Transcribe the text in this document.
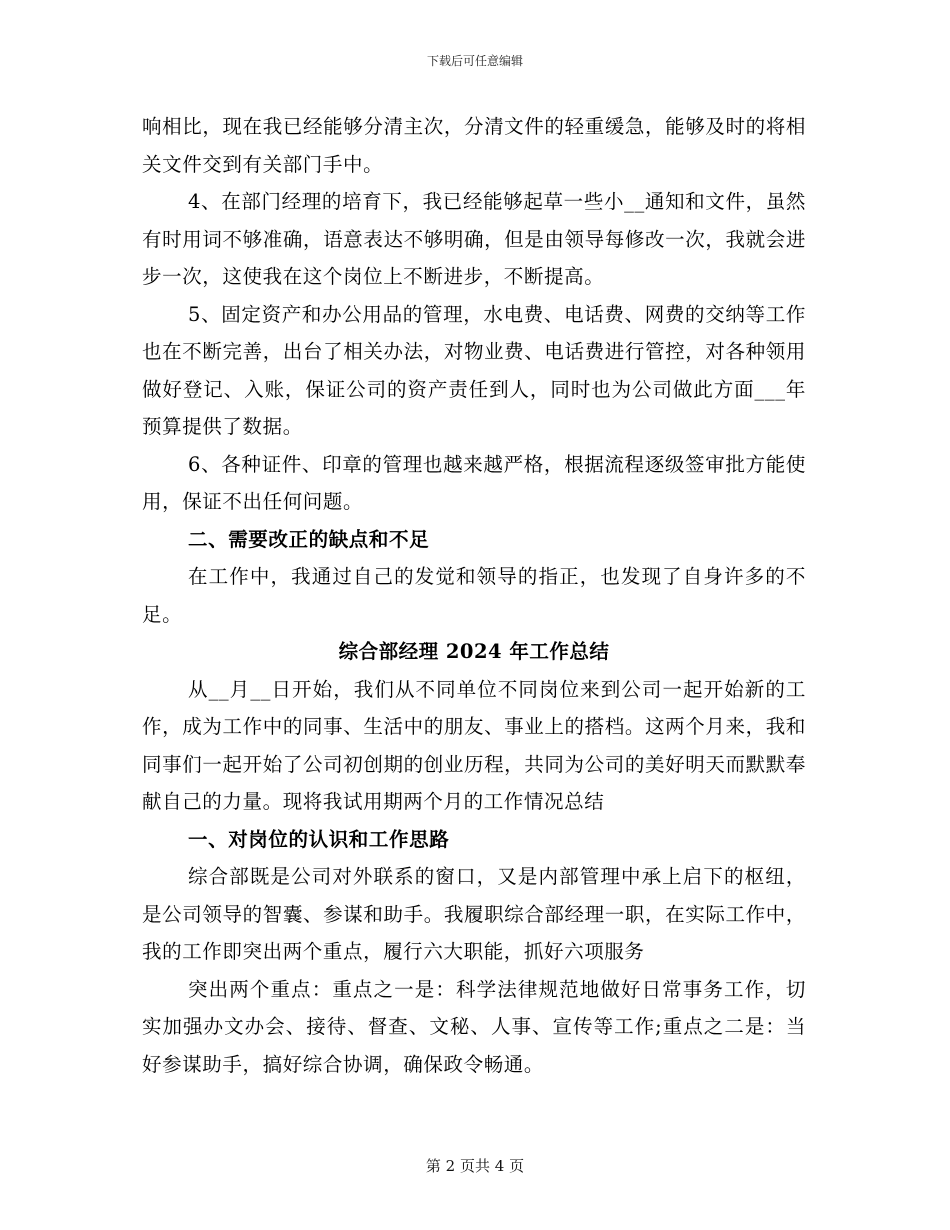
下载后可任意编辑

响相比，现在我已经能够分清主次，分清文件的轻重缓急，能够及时的将相关文件交到有关部门手中。

4、在部门经理的培育下，我已经能够起草一些小__通知和文件，虽然有时用词不够准确，语意表达不够明确，但是由领导每修改一次，我就会进步一次，这使我在这个岗位上不断进步，不断提高。

5、固定资产和办公用品的管理，水电费、电话费、网费的交纳等工作也在不断完善，出台了相关办法，对物业费、电话费进行管控，对各种领用做好登记、入账，保证公司的资产责任到人，同时也为公司做此方面___年预算提供了数据。

6、各种证件、印章的管理也越来越严格，根据流程逐级签审批方能使用，保证不出任何问题。

二、需要改正的缺点和不足

在工作中，我通过自己的发觉和领导的指正，也发现了自身许多的不足。

综合部经理 2024 年工作总结

从__月__日开始，我们从不同单位不同岗位来到公司一起开始新的工作，成为工作中的同事、生活中的朋友、事业上的搭档。这两个月来，我和同事们一起开始了公司初创期的创业历程，共同为公司的美好明天而默默奉献自己的力量。现将我试用期两个月的工作情况总结

一、对岗位的认识和工作思路

综合部既是公司对外联系的窗口，又是内部管理中承上启下的枢纽，是公司领导的智囊、参谋和助手。我履职综合部经理一职，在实际工作中，我的工作即突出两个重点，履行六大职能，抓好六项服务

突出两个重点：重点之一是：科学法律规范地做好日常事务工作，切实加强办文办会、接待、督查、文秘、人事、宣传等工作;重点之二是：当好参谋助手，搞好综合协调，确保政令畅通。

第 2 页共 4 页
